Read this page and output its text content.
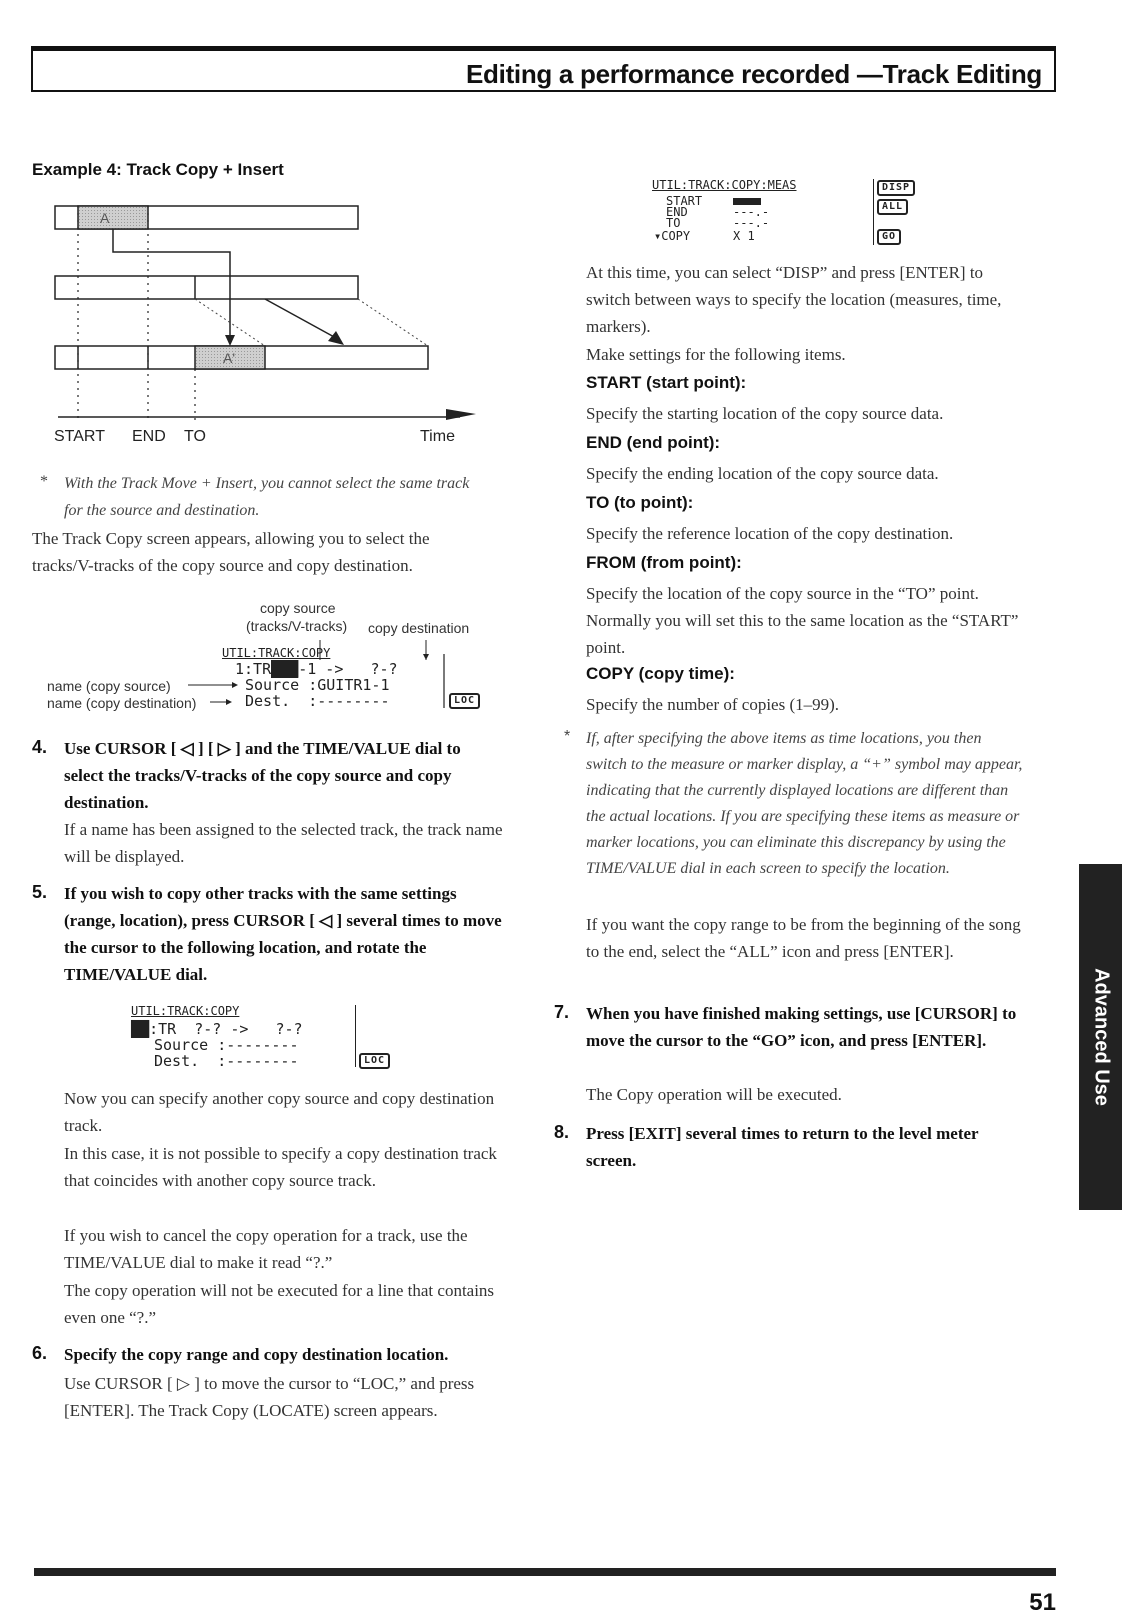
Editing a performance recorded —Track Editing
Example 4: Track Copy + Insert
A
A'
START END TO	Time
*	With the Track Move + Insert, you cannot select the same track for the source and destination.
The Track Copy screen appears, allowing you to select the tracks/V-tracks of the copy source and copy destination.
copy source
(tracks/V-tracks) copy destination
name (copy source)
name (copy destination)
UTIL:TRACK:COPY
1:TR███-1 ->   ?-?
Source :GUITR1-1
Dest.  :--------	LOC
4. Use CURSOR [ ◁ ] [ ▷ ] and the TIME/VALUE dial to select the tracks/V-tracks of the copy source and copy destination.
If a name has been assigned to the selected track, the track name will be displayed.
5. If you wish to copy other tracks with the same settings (range, location), press CURSOR [ ◁ ] several times to move the cursor to the following location, and rotate the TIME/VALUE dial.
UTIL:TRACK:COPY
██:TR  ?-? ->   ?-?
Source :--------
Dest.  :--------	LOC
Now you can specify another copy source and copy destination track.
In this case, it is not possible to specify a copy destination track that coincides with another copy source track.
If you wish to cancel the copy operation for a track, use the TIME/VALUE dial to make it read “?.”
The copy operation will not be executed for a line that contains even one “?.”
6. Specify the copy range and copy destination location.
Use CURSOR [ ▷ ] to move the cursor to “LOC,” and press [ENTER]. The Track Copy (LOCATE) screen appears.
UTIL:TRACK:COPY:MEAS
START
END	---.-
TO	---.-
▾COPY	X 1
DISP
ALL
GO
At this time, you can select “DISP” and press [ENTER] to switch between ways to specify the location (measures, time, markers).
Make settings for the following items.
START (start point):
Specify the starting location of the copy source data.
END (end point):
Specify the ending location of the copy source data.
TO (to point):
Specify the reference location of the copy destination.
FROM (from point):
Specify the location of the copy source in the “TO” point. Normally you will set this to the same location as the “START” point.
COPY (copy time):
Specify the number of copies (1–99).
* If, after specifying the above items as time locations, you then switch to the measure or marker display, a “+” symbol may appear, indicating that the currently displayed locations are different than the actual locations. If you are specifying these items as measure or marker locations, you can eliminate this discrepancy by using the TIME/VALUE dial in each screen to specify the location.
If you want the copy range to be from the beginning of the song to the end, select the “ALL” icon and press [ENTER].
7. When you have finished making settings, use [CURSOR] to move the cursor to the “GO” icon, and press [ENTER].
The Copy operation will be executed.
8. Press [EXIT] several times to return to the level meter screen.
Advanced Use
51
